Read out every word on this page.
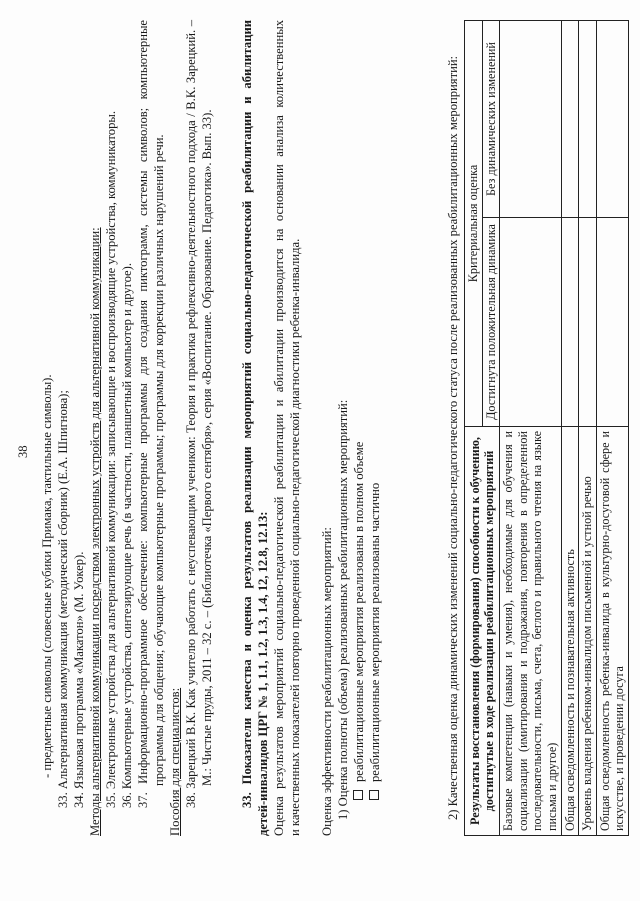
38 - предметные символы (словесные кубики Примака, тактильные символы). 33. Альтернативная коммуникация (методический сборник) (Е.А. Шпигнова); 34. Языковая программа «Макатон» (М. Уокер). Методы альтернативной коммуникации посредством электронных устройств для альтернативной коммуникации: 35. Электронные устройства для альтернативной коммуникации: записывающие и воспроизводящие устройства, коммуникаторы. 36. Компьютерные устройства, синтезирующие речь (в частности, планшетный компьютер и другое). 37. Информационно-программное обеспечение: компьютерные программы для создания пиктограмм, системы символов; компьютерные программы для общения; обучающие компьютерные программы; программы для коррекции различных нарушений речи. Пособия для специалистов: 38. Зарецкий В.К. Как учителю работать с неуспевающим учеником: Теория и практика рефлексивно-деятельностного подхода / В.К. Зарецкий. – М.: Чистые пруды, 2011 – 32 с. – (Библиотечка «Первого сентября», серия «Воспитание. Образование. Педагогика». Вып. 33). 33. Показатели качества и оценка результатов реализации мероприятий социально-педагогической реабилитации и абилитации детей-инвалидов ЦРГ № 1, 1.1, 1.2, 1.3, 1.4, 12, 12.8, 12.13: Оценка результатов мероприятий социально-педагогической реабилитации и абилитации производится на основании анализа количественных и качественных показателей повторно проведенной социально-педагогической диагностики ребенка-инвалида. Оценка эффективности реабилитационных мероприятий: 1) Оценка полноты (объема) реализованных реабилитационных мероприятий: реабилитационные мероприятия реализованы в полном объеме реабилитационные мероприятия реализованы частично	2) Качественная оценка динамических изменений социально-педагогического статуса после реализованных реабилитационных мероприятий: Результаты восстановления (формирования) способности к обучению, достигнутые в ходе реализации реабилитационных мероприятий	Критериальная оценка	
	Достигнута положительная динамика	Без динамических изменений
Базовые компетенции (навыки и умения), необходимые для обучения и социализации (имитирования и подражания, повторения в определенной последовательности, письма, счета, беглого и правильного чтения на языке письма и другое)		
Общая осведомленность и познавательная активность		
Уровень владения ребенком-инвалидом письменной и устной речью		
Общая осведомленность ребенка-инвалида в культурно-досуговой сфере и искусстве, и проведении досуга		
